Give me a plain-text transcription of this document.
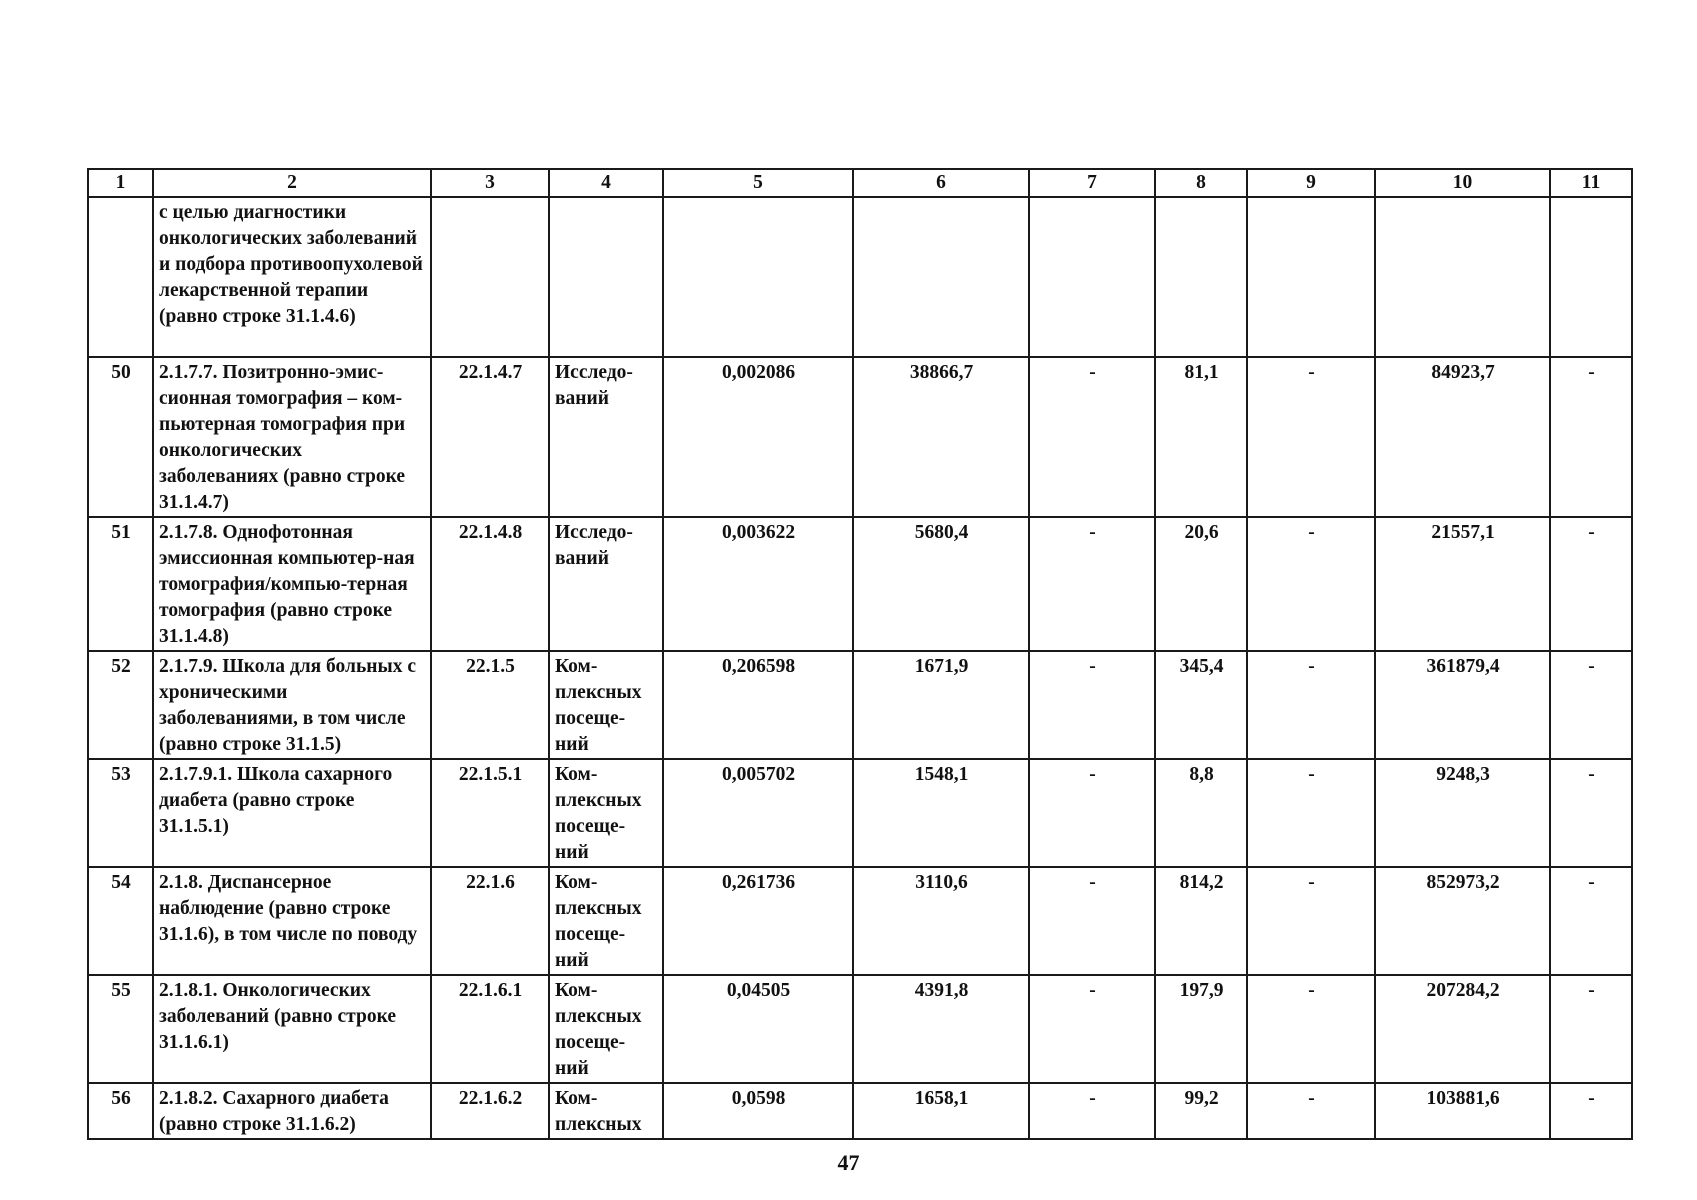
1	2	3	4	5	6	7	8	9	10	11
	с целью диагностики онкологических заболеваний и подбора противоопухолевой лекарственной терапии (равно строке 31.1.4.6)									
50	2.1.7.7. Позитронно-эмис-сионная томография – ком-пьютерная томография при онкологических заболеваниях (равно строке 31.1.4.7)	22.1.4.7	Исследо-ваний	0,002086	38866,7	-	81,1	-	84923,7	-
51	2.1.7.8. Однофотонная эмиссионная компьютер-ная томография/компью-терная томография (равно строке 31.1.4.8)	22.1.4.8	Исследо-ваний	0,003622	5680,4	-	20,6	-	21557,1	-
52	2.1.7.9. Школа для больных с хроническими заболеваниями, в том числе (равно строке 31.1.5)	22.1.5	Ком-плексных посеще-ний	0,206598	1671,9	-	345,4	-	361879,4	-
53	2.1.7.9.1. Школа сахарного диабета (равно строке 31.1.5.1)	22.1.5.1	Ком-плексных посеще-ний	0,005702	1548,1	-	8,8	-	9248,3	-
54	2.1.8. Диспансерное наблюдение (равно строке 31.1.6), в том числе по поводу	22.1.6	Ком-плексных посеще-ний	0,261736	3110,6	-	814,2	-	852973,2	-
55	2.1.8.1. Онкологических заболеваний (равно строке 31.1.6.1)	22.1.6.1	Ком-плексных посеще-ний	0,04505	4391,8	-	197,9	-	207284,2	-
56	2.1.8.2. Сахарного диабета (равно строке 31.1.6.2)	22.1.6.2	Ком-плексных	0,0598	1658,1	-	99,2	-	103881,6	-
47
